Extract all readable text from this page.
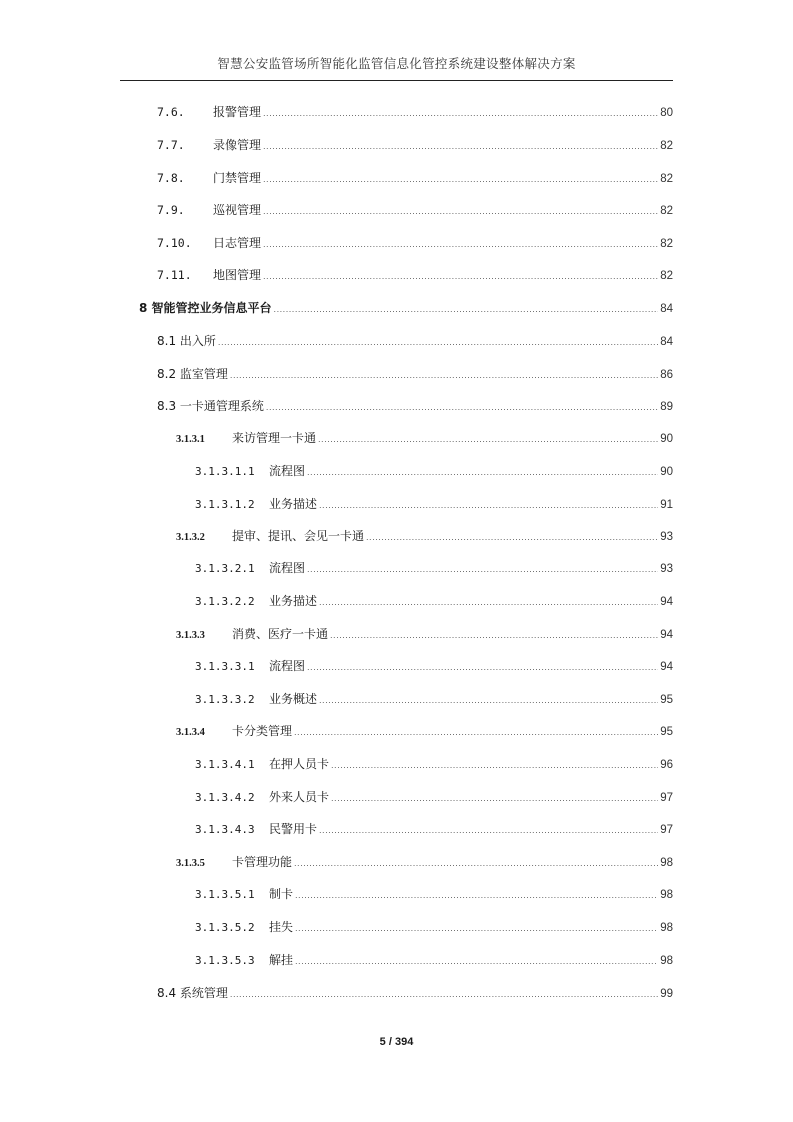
智慧公安监管场所智能化监管信息化管控系统建设整体解决方案
7.6.	报警管理 .....	80
7.7.	录像管理 .....	82
7.8.	门禁管理 .....	82
7.9.	巡视管理 .....	82
7.10.	日志管理 .....	82
7.11.	地图管理 .....	82
8 智能管控业务信息平台 .....	84
8.1 出入所 .....	84
8.2 监室管理 .....	86
8.3 一卡通管理系统 .....	89
3.1.3.1	来访管理一卡通 .....	90
3.1.3.1.1	流程图 .....	90
3.1.3.1.2	业务描述 .....	91
3.1.3.2	提审、提讯、会见一卡通 .....	93
3.1.3.2.1	流程图 .....	93
3.1.3.2.2	业务描述 .....	94
3.1.3.3	消费、医疗一卡通 .....	94
3.1.3.3.1	流程图 .....	94
3.1.3.3.2	业务概述 .....	95
3.1.3.4	卡分类管理 .....	95
3.1.3.4.1	在押人员卡 .....	96
3.1.3.4.2	外来人员卡 .....	97
3.1.3.4.3	民警用卡 .....	97
3.1.3.5	卡管理功能 .....	98
3.1.3.5.1	制卡 .....	98
3.1.3.5.2	挂失 .....	98
3.1.3.5.3	解挂 .....	98
8.4 系统管理 .....	99
5 / 394
